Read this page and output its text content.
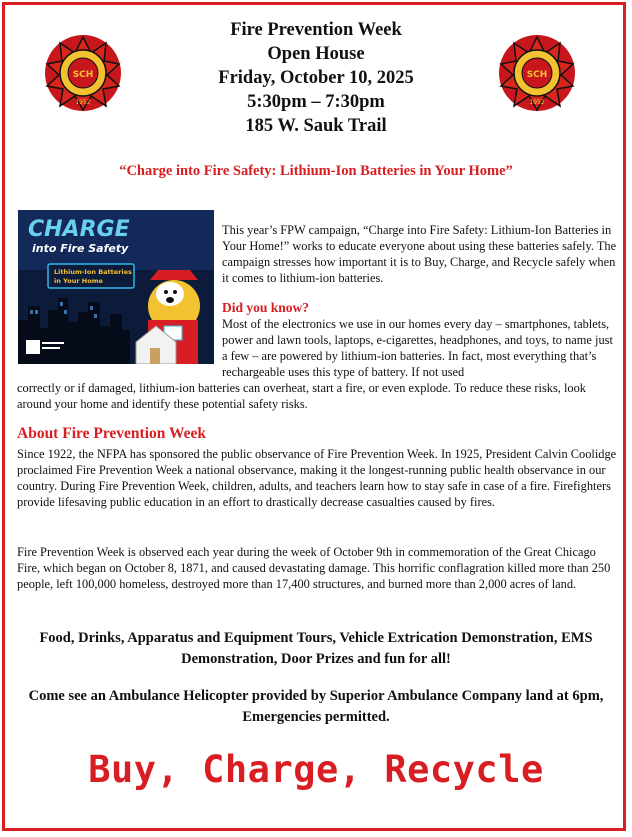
SCH
1952
SCH
1952
Fire Prevention Week
Open House
Friday, October 10, 2025
5:30pm – 7:30pm
185 W. Sauk Trail
“Charge into Fire Safety: Lithium-Ion Batteries in Your Home”
CHARGE
into Fire Safety
Lithium-Ion Batteries
in Your Home
This year’s FPW campaign, “Charge into Fire Safety: Lithium-Ion Batteries in Your Home!” works to educate everyone about using these batteries safely. The campaign stresses how important it is to Buy, Charge, and Recycle safely when it comes to lithium-ion batteries.
Did you know?
Most of the electronics we use in our homes every day – smartphones, tablets, power and lawn tools, laptops, e-cigarettes, headphones, and toys, to name just a few – are powered by lithium-ion batteries. In fact, most everything that’s rechargeable uses this type of battery. If not used
correctly or if damaged, lithium-ion batteries can overheat, start a fire, or even explode. To reduce these risks, look around your home and identify these potential safety risks.
About Fire Prevention Week
Since 1922, the NFPA has sponsored the public observance of Fire Prevention Week. In 1925, President Calvin Coolidge proclaimed Fire Prevention Week a national observance, making it the longest-running public health observance in our country. During Fire Prevention Week, children, adults, and teachers learn how to stay safe in case of a fire. Firefighters provide lifesaving public education in an effort to drastically decrease casualties caused by fires.
Fire Prevention Week is observed each year during the week of October 9th in commemoration of the Great Chicago Fire, which began on October 8, 1871, and caused devastating damage. This horrific conflagration killed more than 250 people, left 100,000 homeless, destroyed more than 17,400 structures, and burned more than 2,000 acres of land.
Food, Drinks, Apparatus and Equipment Tours, Vehicle Extrication Demonstration, EMS Demonstration, Door Prizes and fun for all!
Come see an Ambulance Helicopter provided by Superior Ambulance Company land at 6pm, Emergencies permitted.
Buy, Charge, Recycle
